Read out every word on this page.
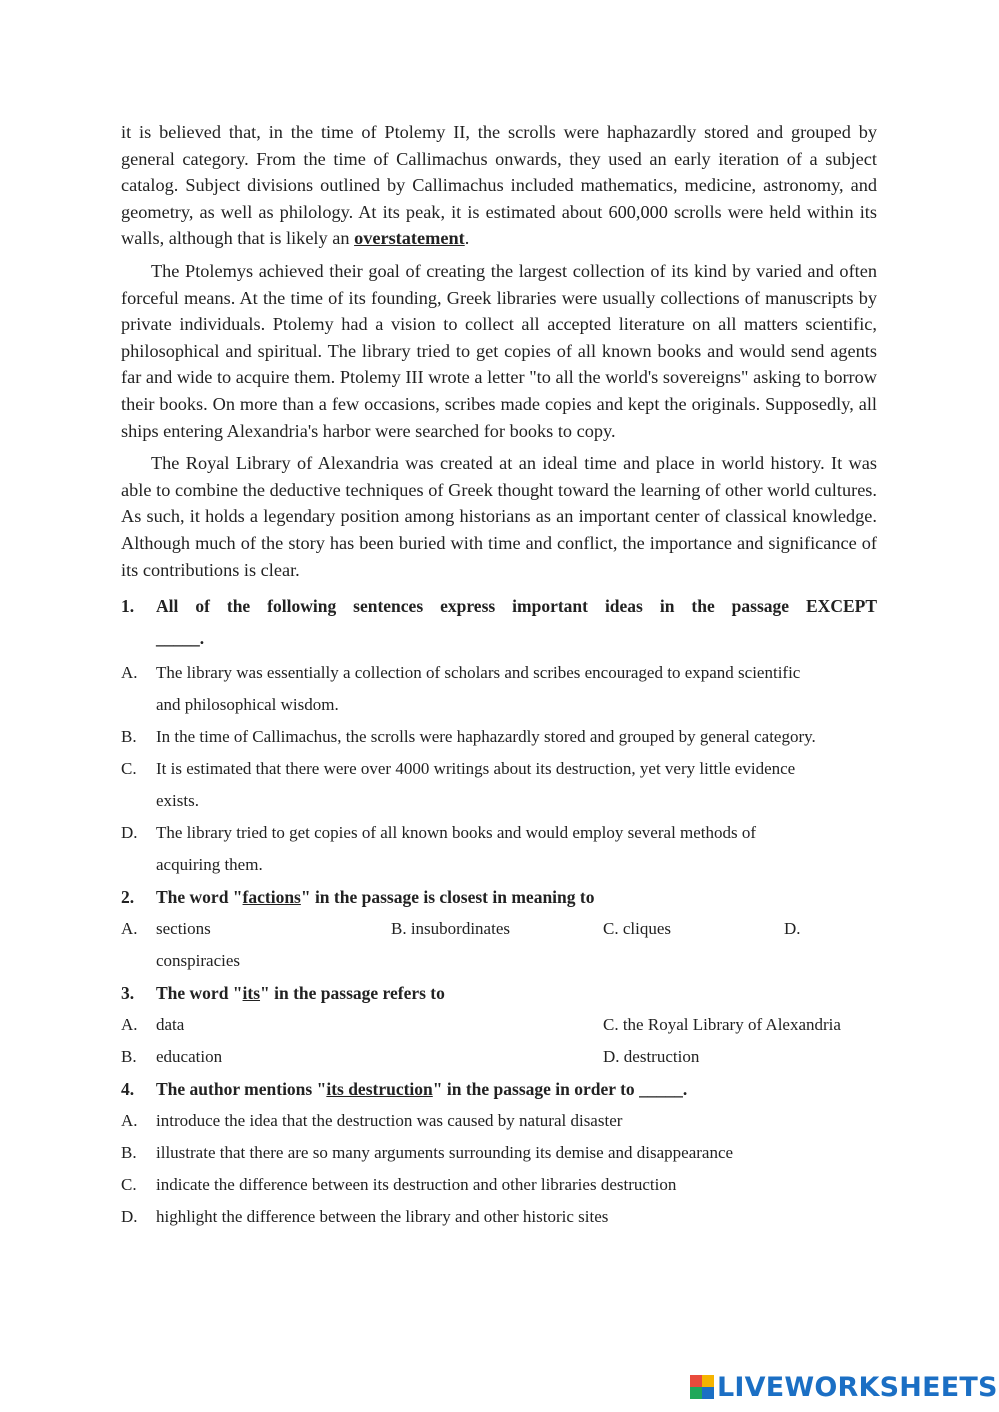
it is believed that, in the time of Ptolemy II, the scrolls were haphazardly stored and grouped by general category. From the time of Callimachus onwards, they used an early iteration of a subject catalog. Subject divisions outlined by Callimachus included mathematics, medicine, astronomy, and geometry, as well as philology. At its peak, it is estimated about 600,000 scrolls were held within its walls, although that is likely an overstatement.

The Ptolemys achieved their goal of creating the largest collection of its kind by varied and often forceful means. At the time of its founding, Greek libraries were usually collections of manuscripts by private individuals. Ptolemy had a vision to collect all accepted literature on all matters scientific, philosophical and spiritual. The library tried to get copies of all known books and would send agents far and wide to acquire them. Ptolemy III wrote a letter "to all the world's sovereigns" asking to borrow their books. On more than a few occasions, scribes made copies and kept the originals. Supposedly, all ships entering Alexandria's harbor were searched for books to copy.

The Royal Library of Alexandria was created at an ideal time and place in world history. It was able to combine the deductive techniques of Greek thought toward the learning of other world cultures. As such, it holds a legendary position among historians as an important center of classical knowledge. Although much of the story has been buried with time and conflict, the importance and significance of its contributions is clear.

1.	All of the following sentences express important ideas in the passage EXCEPT
_____.
A.	The library was essentially a collection of scholars and scribes encouraged to expand scientific
and philosophical wisdom.
B.	In the time of Callimachus, the scrolls were haphazardly stored and grouped by general category.
C.	It is estimated that there were over 4000 writings about its destruction, yet very little evidence
exists.
D.	The library tried to get copies of all known books and would employ several methods of
acquiring them.
2.	The word "factions" in the passage is closest in meaning to
A. sections	B. insubordinates	C. cliques	D.
conspiracies
3.	The word "its" in the passage refers to
A. data	C. the Royal Library of Alexandria
B. education	D. destruction
4.	The author mentions "its destruction" in the passage in order to _____.
A.	introduce the idea that the destruction was caused by natural disaster
B.	illustrate that there are so many arguments surrounding its demise and disappearance
C.	indicate the difference between its destruction and other libraries destruction
D.	highlight the difference between the library and other historic sites
LIVEWORKSHEETS
